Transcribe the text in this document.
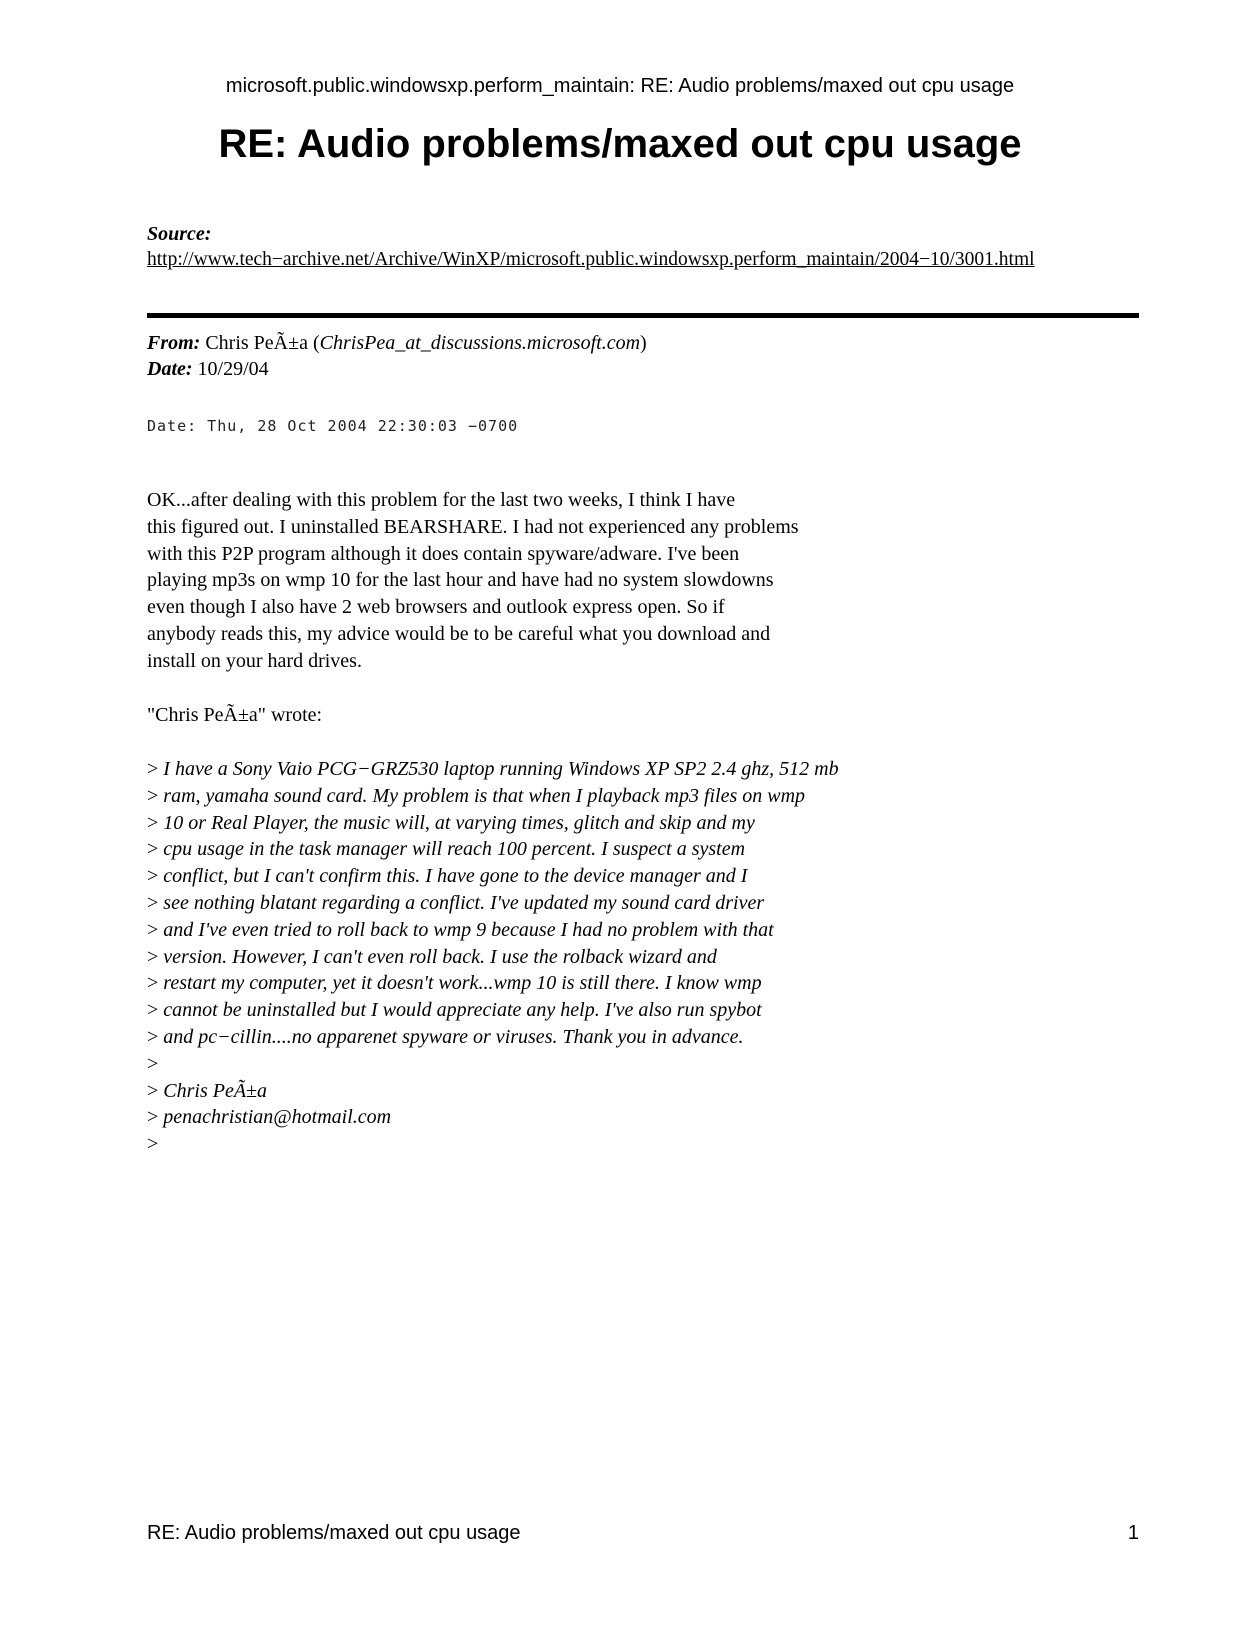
microsoft.public.windowsxp.perform_maintain: RE: Audio problems/maxed out cpu usage
RE: Audio problems/maxed out cpu usage
Source:
http://www.tech−archive.net/Archive/WinXP/microsoft.public.windowsxp.perform_maintain/2004−10/3001.html
From: Chris PeÃ±a (ChrisPea_at_discussions.microsoft.com)
Date: 10/29/04
Date: Thu, 28 Oct 2004 22:30:03 −0700
OK...after dealing with this problem for the last two weeks, I think I have
this figured out. I uninstalled BEARSHARE. I had not experienced any problems
with this P2P program although it does contain spyware/adware. I've been
playing mp3s on wmp 10 for the last hour and have had no system slowdowns
even though I also have 2 web browsers and outlook express open. So if
anybody reads this, my advice would be to be careful what you download and
install on your hard drives.
"Chris PeÃ±a" wrote:
> I have a Sony Vaio PCG−GRZ530 laptop running Windows XP SP2 2.4 ghz, 512 mb
> ram, yamaha sound card. My problem is that when I playback mp3 files on wmp
> 10 or Real Player, the music will, at varying times, glitch and skip and my
> cpu usage in the task manager will reach 100 percent. I suspect a system
> conflict, but I can't confirm this. I have gone to the device manager and I
> see nothing blatant regarding a conflict. I've updated my sound card driver
> and I've even tried to roll back to wmp 9 because I had no problem with that
> version. However, I can't even roll back. I use the rolback wizard and
> restart my computer, yet it doesn't work...wmp 10 is still there. I know wmp
> cannot be uninstalled but I would appreciate any help. I've also run spybot
> and pc−cillin....no apparenet spyware or viruses. Thank you in advance.
>
> Chris PeÃ±a
> penachristian@hotmail.com
>
RE: Audio problems/maxed out cpu usage	1
